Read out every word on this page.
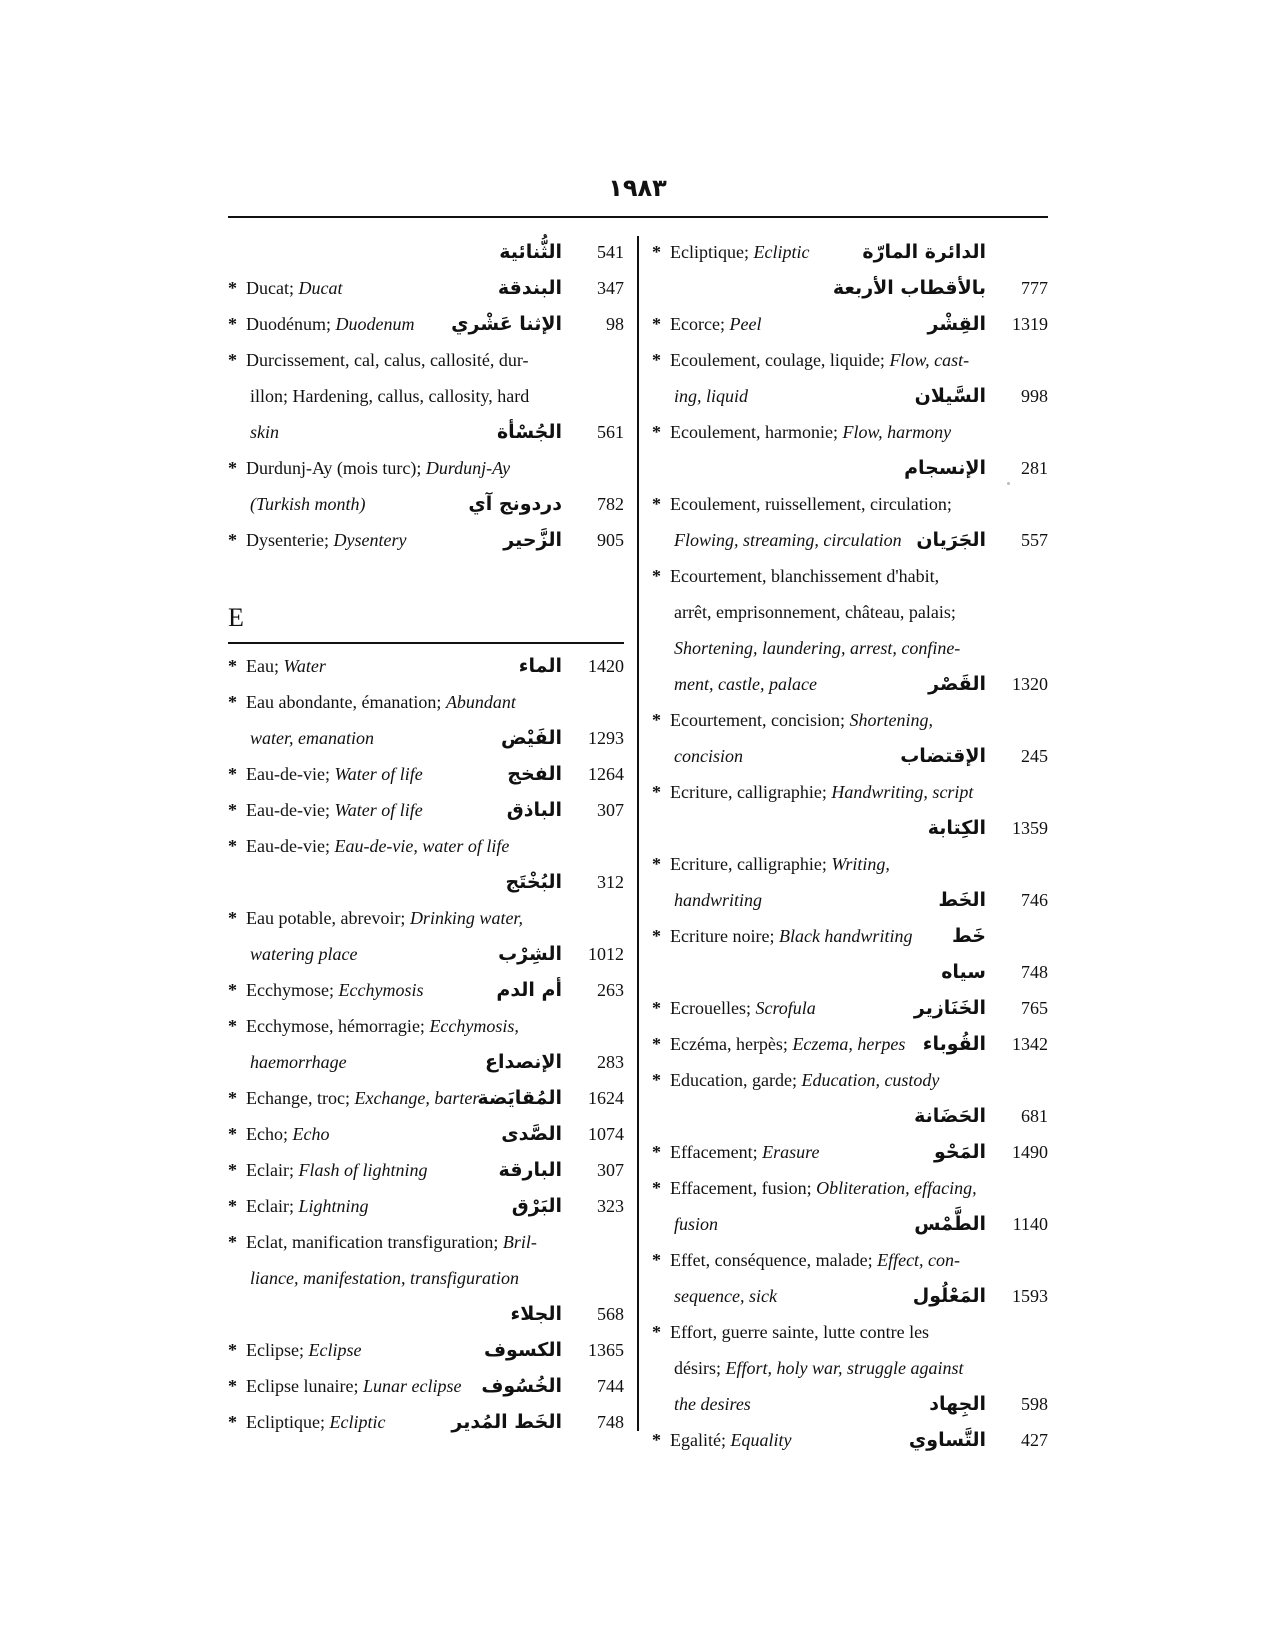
١٩٨٣
الثُّنائية	541
* Ducat; Ducat	البندقة	347
* Duodénum; Duodenum الإثنا عَشْري	98
* Durcissement, cal, calus, callosité, dur-
illon; Hardening, callus, callosity, hard
skin	الجُسْأة	561
* Durdunj-Ay (mois turc); Durdunj-Ay
(Turkish month)	دردونج آي	782
* Dysenterie; Dysentery	الزَّحير	905
E
* Eau; Water	الماء	1420
* Eau abondante, émanation; Abundant
water, emanation	الفَيْض	1293
* Eau-de-vie; Water of life	الفخج	1264
* Eau-de-vie; Water of life	الباذق	307
* Eau-de-vie; Eau-de-vie, water of life
البُخْتَج	312
* Eau potable, abrevoir; Drinking water,
watering place	الشِرْب	1012
* Ecchymose; Ecchymosis	أم الدم	263
* Ecchymose, hémorragie; Ecchymosis,
haemorrhage	الإنصداع	283
* Echange, troc; Exchange, barter
المُقايَضة	1624
* Echo; Echo	الصَّدى	1074
* Eclair; Flash of lightning	البارقة	307
* Eclair; Lightning	البَرْق	323
* Eclat, manification transfiguration; Bril-
liance, manifestation, transfiguration
الجلاء	568
* Eclipse; Eclipse	الكسوف	1365
* Eclipse lunaire; Lunar eclipse الخُسُوف	744
* Ecliptique; Ecliptic	الخَط المُدير	748
* Ecliptique; Ecliptic	الدائرة المارّة
بالأقطاب الأربعة	777
* Ecorce; Peel	القِشْر	1319
* Ecoulement, coulage, liquide; Flow, cast-
ing, liquid	السَّيلان	998
* Ecoulement, harmonie; Flow, harmony
الإنسجام	281
* Ecoulement, ruissellement, circulation;
Flowing, streaming, circulation الجَرَيان	557
* Ecourtement, blanchissement d'habit,
arrêt, emprisonnement, château, palais;
Shortening, laundering, arrest, confine-
ment, castle, palace	القَصْر	1320
* Ecourtement, concision; Shortening,
concision	الإقتضاب	245
* Ecriture, calligraphie; Handwriting, script
الكِتابة	1359
* Ecriture, calligraphie; Writing,
handwriting	الخَط	746
* Ecriture noire; Black handwriting خَط
سياه	748
* Ecrouelles; Scrofula	الخَنَازير	765
* Eczéma, herpès; Eczema, herpes القُوباء	1342
* Education, garde; Education, custody
الحَضَانة	681
* Effacement; Erasure	المَحْو	1490
* Effacement, fusion; Obliteration, effacing,
fusion	الطَّمْس	1140
* Effet, conséquence, malade; Effect, con-
sequence, sick	المَعْلُول	1593
* Effort, guerre sainte, lutte contre les
désirs; Effort, holy war, struggle against
the desires	الجِهاد	598
* Egalité; Equality	التَّساوي	427
